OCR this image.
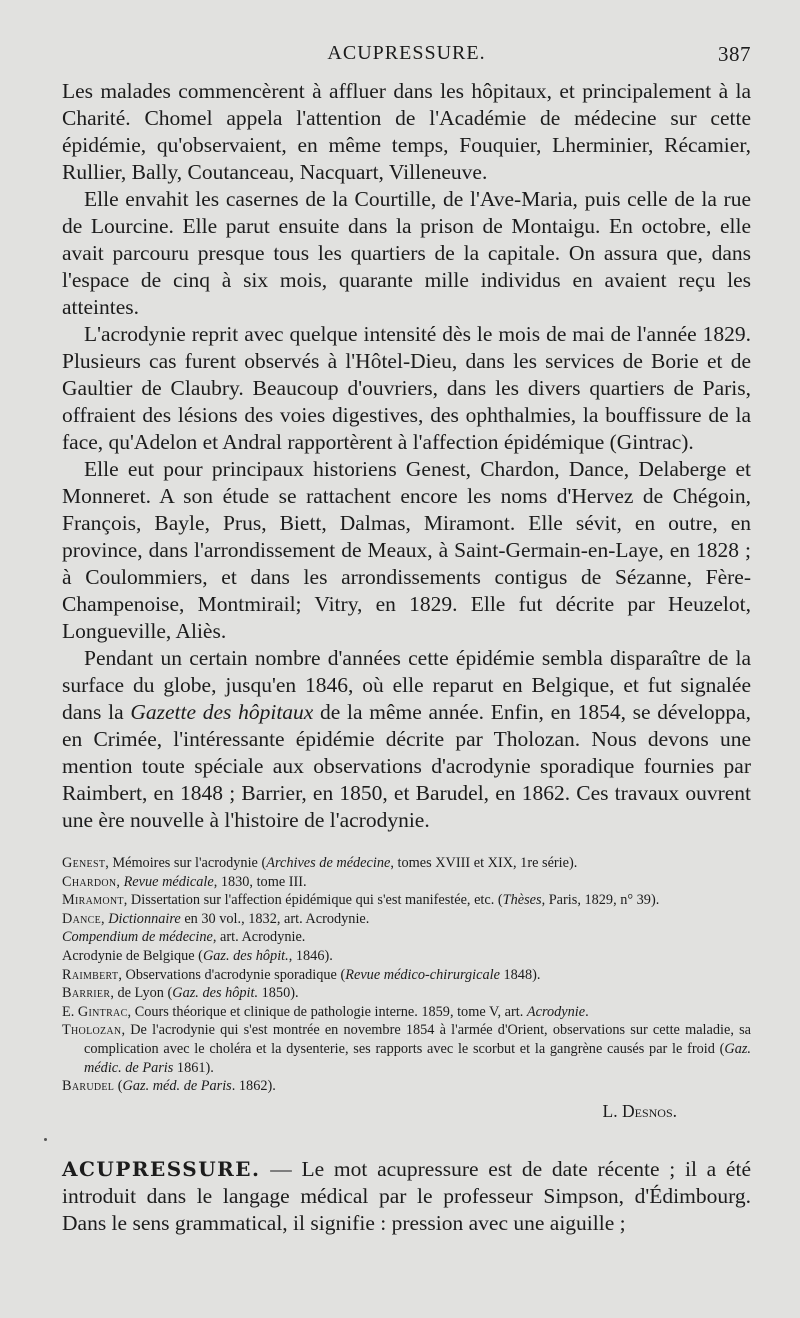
ACUPRESSURE.	387

Les malades commencèrent à affluer dans les hôpitaux, et principalement à la Charité. Chomel appela l'attention de l'Académie de médecine sur cette épidémie, qu'observaient, en même temps, Fouquier, Lherminier, Récamier, Rullier, Bally, Coutanceau, Nacquart, Villeneuve.

Elle envahit les casernes de la Courtille, de l'Ave-Maria, puis celle de la rue de Lourcine. Elle parut ensuite dans la prison de Montaigu. En octobre, elle avait parcouru presque tous les quartiers de la capitale. On assura que, dans l'espace de cinq à six mois, quarante mille individus en avaient reçu les atteintes.

L'acrodynie reprit avec quelque intensité dès le mois de mai de l'année 1829. Plusieurs cas furent observés à l'Hôtel-Dieu, dans les services de Borie et de Gaultier de Claubry. Beaucoup d'ouvriers, dans les divers quartiers de Paris, offraient des lésions des voies digestives, des ophthalmies, la bouffissure de la face, qu'Adelon et Andral rapportèrent à l'affection épidémique (Gintrac).

Elle eut pour principaux historiens Genest, Chardon, Dance, Delaberge et Monneret. A son étude se rattachent encore les noms d'Hervez de Chégoin, François, Bayle, Prus, Biett, Dalmas, Miramont. Elle sévit, en outre, en province, dans l'arrondissement de Meaux, à Saint-Germain-en-Laye, en 1828 ; à Coulommiers, et dans les arrondissements contigus de Sézanne, Fère-Champenoise, Montmirail; Vitry, en 1829. Elle fut décrite par Heuzelot, Longueville, Aliès.

Pendant un certain nombre d'années cette épidémie sembla disparaître de la surface du globe, jusqu'en 1846, où elle reparut en Belgique, et fut signalée dans la Gazette des hôpitaux de la même année. Enfin, en 1854, se développa, en Crimée, l'intéressante épidémie décrite par Tholozan. Nous devons une mention toute spéciale aux observations d'acrodynie sporadique fournies par Raimbert, en 1848 ; Barrier, en 1850, et Barudel, en 1862. Ces travaux ouvrent une ère nouvelle à l'histoire de l'acrodynie.

Genest, Mémoires sur l'acrodynie (Archives de médecine, tomes XVIII et XIX, 1re série).
Chardon, Revue médicale, 1830, tome III.
Miramont, Dissertation sur l'affection épidémique qui s'est manifestée, etc. (Thèses, Paris, 1829, n° 39).
Dance, Dictionnaire en 30 vol., 1832, art. Acrodynie.
Compendium de médecine, art. Acrodynie.
Acrodynie de Belgique (Gaz. des hôpit., 1846).
Raimbert, Observations d'acrodynie sporadique (Revue médico-chirurgicale 1848).
Barrier, de Lyon (Gaz. des hôpit. 1850).
E. Gintrac, Cours théorique et clinique de pathologie interne. 1859, tome V, art. Acrodynie.
Tholozan, De l'acrodynie qui s'est montrée en novembre 1854 à l'armée d'Orient, observations sur cette maladie, sa complication avec le choléra et la dysenterie, ses rapports avec le scorbut et la gangrène causés par le froid (Gaz. médic. de Paris 1861).
Barudel (Gaz. méd. de Paris. 1862).
L. Desnos.

ACUPRESSURE. — Le mot acupressure est de date récente ; il a été introduit dans le langage médical par le professeur Simpson, d'Édimbourg. Dans le sens grammatical, il signifie : pression avec une aiguille ;
